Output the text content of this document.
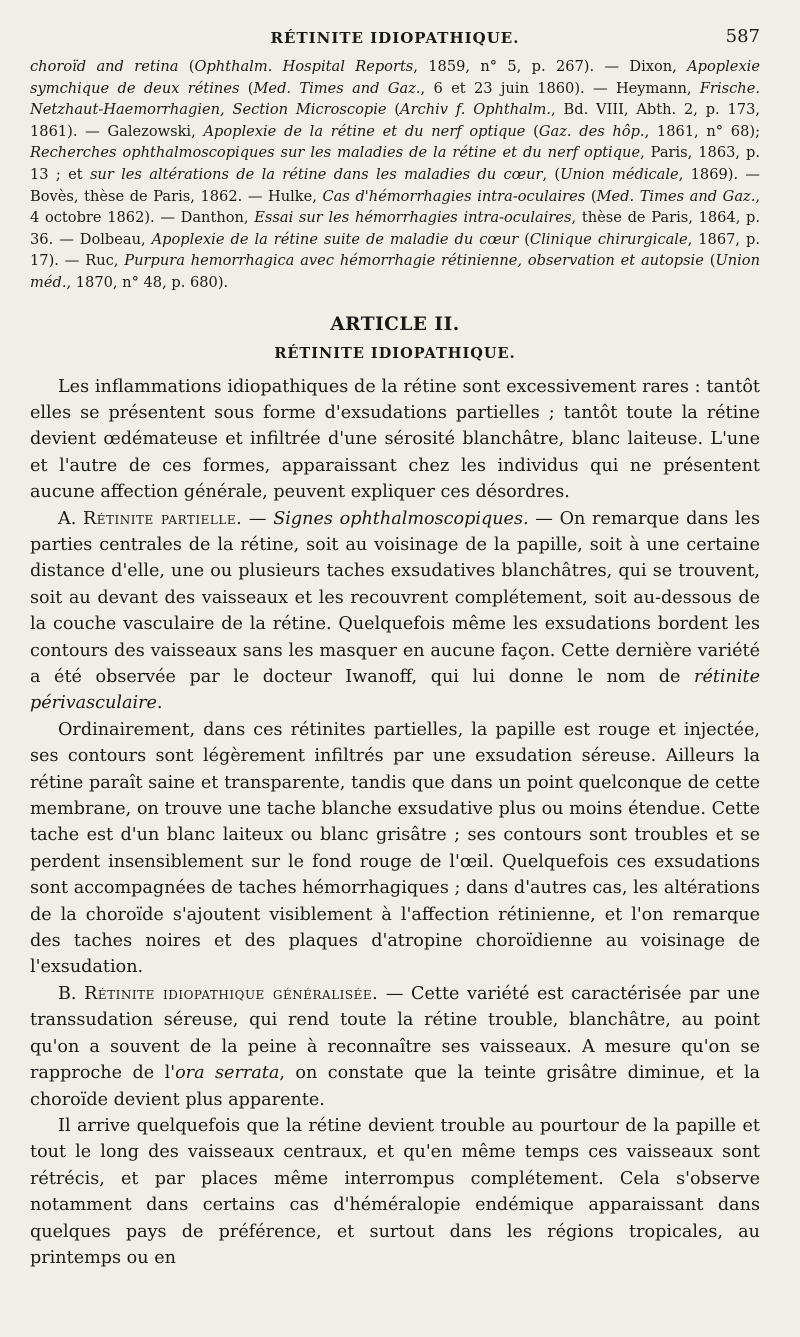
RÉTINITE IDIOPATHIQUE.	587
choroïd and retina (Ophthalm. Hospital Reports, 1859, n° 5, p. 267). — Dixon, Apoplexie symchique de deux rétines (Med. Times and Gaz., 6 et 23 juin 1860). — Heymann, Frische. Netzhaut-Haemorrhagien, Section Microscopie (Archiv f. Ophthalm., Bd. VIII, Abth. 2, p. 173, 1861). — Galezowski, Apoplexie de la rétine et du nerf optique (Gaz. des hôp., 1861, n° 68); Recherches ophthalmoscopiques sur les maladies de la rétine et du nerf optique, Paris, 1863, p. 13 ; et sur les altérations de la rétine dans les maladies du cœur, (Union médicale, 1869). — Bovès, thèse de Paris, 1862. — Hulke, Cas d'hémorrhagies intra-oculaires (Med. Times and Gaz., 4 octobre 1862). — Danthon, Essai sur les hémorrhagies intra-oculaires, thèse de Paris, 1864, p. 36. — Dolbeau, Apoplexie de la rétine suite de maladie du cœur (Clinique chirurgicale, 1867, p. 17). — Ruc, Purpura hemorrhagica avec hémorrhagie rétinienne, observation et autopsie (Union méd., 1870, n° 48, p. 680).
ARTICLE II.
RÉTINITE IDIOPATHIQUE.

Les inflammations idiopathiques de la rétine sont excessivement rares : tantôt elles se présentent sous forme d'exsudations partielles ; tantôt toute la rétine devient œdémateuse et infiltrée d'une sérosité blanchâtre, blanc laiteuse. L'une et l'autre de ces formes, apparaissant chez les individus qui ne présentent aucune affection générale, peuvent expliquer ces désordres.

A. Rétinite partielle. — Signes ophthalmoscopiques. — On remarque dans les parties centrales de la rétine, soit au voisinage de la papille, soit à une certaine distance d'elle, une ou plusieurs taches exsudatives blanchâtres, qui se trouvent, soit au devant des vaisseaux et les recouvrent complétement, soit au-dessous de la couche vasculaire de la rétine. Quelquefois même les exsudations bordent les contours des vaisseaux sans les masquer en aucune façon. Cette dernière variété a été observée par le docteur Iwanoff, qui lui donne le nom de rétinite périvasculaire.

Ordinairement, dans ces rétinites partielles, la papille est rouge et injectée, ses contours sont légèrement infiltrés par une exsudation séreuse. Ailleurs la rétine paraît saine et transparente, tandis que dans un point quelconque de cette membrane, on trouve une tache blanche exsudative plus ou moins étendue. Cette tache est d'un blanc laiteux ou blanc grisâtre ; ses contours sont troubles et se perdent insensiblement sur le fond rouge de l'œil. Quelquefois ces exsudations sont accompagnées de taches hémorrhagiques ; dans d'autres cas, les altérations de la choroïde s'ajoutent visiblement à l'affection rétinienne, et l'on remarque des taches noires et des plaques d'atropine choroïdienne au voisinage de l'exsudation.

B. Rétinite idiopathique généralisée. — Cette variété est caractérisée par une transsudation séreuse, qui rend toute la rétine trouble, blanchâtre, au point qu'on a souvent de la peine à reconnaître ses vaisseaux. A mesure qu'on se rapproche de l'ora serrata, on constate que la teinte grisâtre diminue, et la choroïde devient plus apparente.

Il arrive quelquefois que la rétine devient trouble au pourtour de la papille et tout le long des vaisseaux centraux, et qu'en même temps ces vaisseaux sont rétrécis, et par places même interrompus complétement. Cela s'observe notamment dans certains cas d'héméralopie endémique apparaissant dans quelques pays de préférence, et surtout dans les régions tropicales, au printemps ou en
